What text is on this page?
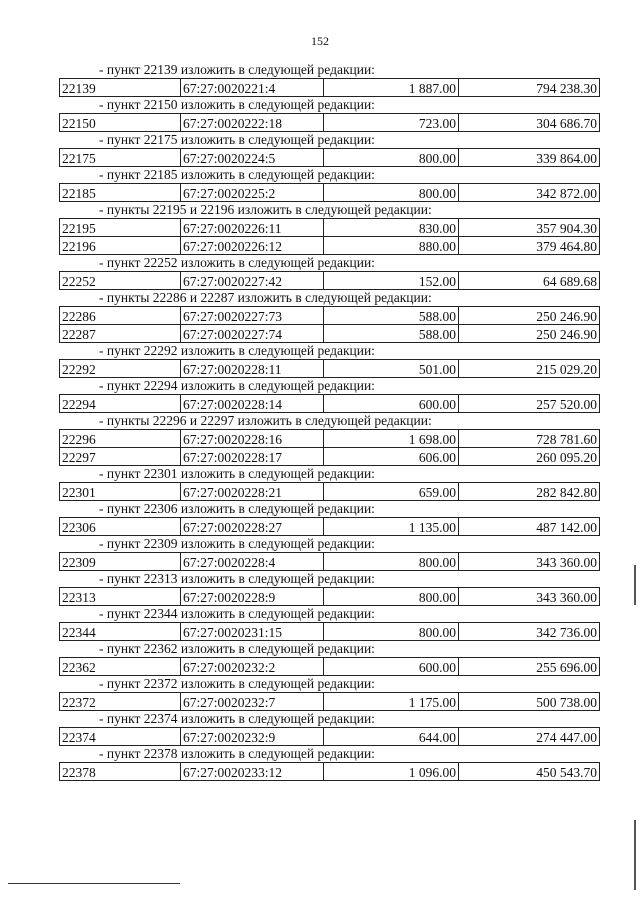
152
- пункт 22139 изложить в следующей редакции:
22139	67:27:0020221:4	1 887.00	794 238.30
- пункт 22150 изложить в следующей редакции:
22150	67:27:0020222:18	723.00	304 686.70
- пункт 22175 изложить в следующей редакции:
22175	67:27:0020224:5	800.00	339 864.00
- пункт 22185 изложить в следующей редакции:
22185	67:27:0020225:2	800.00	342 872.00
- пункты 22195 и 22196 изложить в следующей редакции:
22195	67:27:0020226:11	830.00	357 904.30
22196	67:27:0020226:12	880.00	379 464.80
- пункт 22252 изложить в следующей редакции:
22252	67:27:0020227:42	152.00	64 689.68
- пункты 22286 и 22287 изложить в следующей редакции:
22286	67:27:0020227:73	588.00	250 246.90
22287	67:27:0020227:74	588.00	250 246.90
- пункт 22292 изложить в следующей редакции:
22292	67:27:0020228:11	501.00	215 029.20
- пункт 22294 изложить в следующей редакции:
22294	67:27:0020228:14	600.00	257 520.00
- пункты 22296 и 22297 изложить в следующей редакции:
22296	67:27:0020228:16	1 698.00	728 781.60
22297	67:27:0020228:17	606.00	260 095.20
- пункт 22301 изложить в следующей редакции:
22301	67:27:0020228:21	659.00	282 842.80
- пункт 22306 изложить в следующей редакции:
22306	67:27:0020228:27	1 135.00	487 142.00
- пункт 22309 изложить в следующей редакции:
22309	67:27:0020228:4	800.00	343 360.00
- пункт 22313 изложить в следующей редакции:
22313	67:27:0020228:9	800.00	343 360.00
- пункт 22344 изложить в следующей редакции:
22344	67:27:0020231:15	800.00	342 736.00
- пункт 22362 изложить в следующей редакции:
22362	67:27:0020232:2	600.00	255 696.00
- пункт 22372 изложить в следующей редакции:
22372	67:27:0020232:7	1 175.00	500 738.00
- пункт 22374 изложить в следующей редакции:
22374	67:27:0020232:9	644.00	274 447.00
- пункт 22378 изложить в следующей редакции:
22378	67:27:0020233:12	1 096.00	450 543.70
